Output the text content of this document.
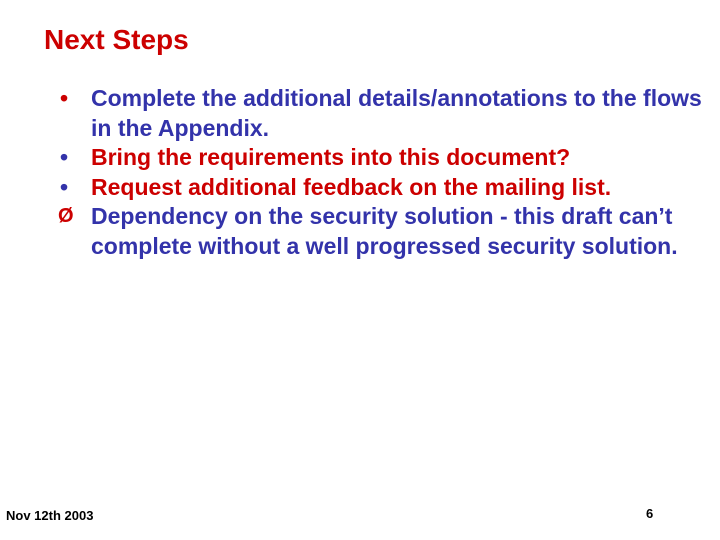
Next Steps

• Complete the additional details/annotations to the flows in the Appendix.

• Bring the requirements into this document?

• Request additional feedback on the mailing list.

Ø Dependency on the security solution - this draft can’t complete without a well progressed security solution.

Nov 12th 2003	6
